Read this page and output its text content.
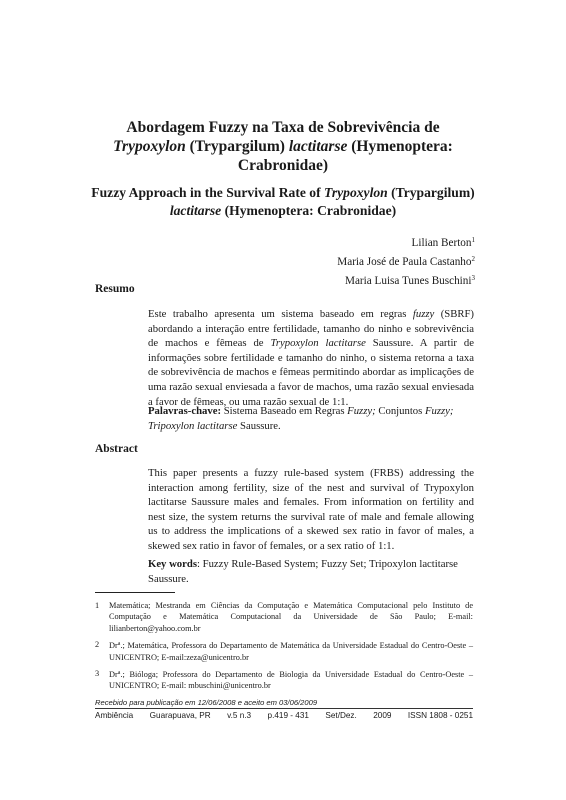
Abordagem Fuzzy na Taxa de Sobrevivência de
Trypoxylon (Trypargilum) lactitarse (Hymenoptera:
Crabronidae)
Fuzzy Approach in the Survival Rate of Trypoxylon (Trypargilum)
lactitarse (Hymenoptera: Crabronidae)
Lilian Berton$^1$
Maria José de Paula Castanho$^2$
Maria Luisa Tunes Buschini$^3$
Resumo
Este trabalho apresenta um sistema baseado em regras fuzzy (SBRF) abordando a interação entre fertilidade, tamanho do ninho e sobrevivência de machos e fêmeas de Trypoxylon lactitarse Saussure. A partir de informações sobre fertilidade e tamanho do ninho, o sistema retorna a taxa de sobrevivência de machos e fêmeas permitindo abordar as implicações de uma razão sexual enviesada a favor de machos, uma razão sexual enviesada a favor de fêmeas, ou uma razão sexual de 1:1.
Palavras-chave: Sistema Baseado em Regras Fuzzy; Conjuntos Fuzzy; Tripoxylon lactitarse Saussure.
Abstract
This paper presents a fuzzy rule-based system (FRBS) addressing the interaction among fertility, size of the nest and survival of Trypoxylon lactitarse Saussure males and females. From information on fertility and nest size, the system returns the survival rate of male and female allowing us to address the implications of a skewed sex ratio in favor of males, a skewed sex ratio in favor of females, or a sex ratio of 1:1.
Key words: Fuzzy Rule-Based System; Fuzzy Set; Tripoxylon lactitarse Saussure.
1 Matemática; Mestranda em Ciências da Computação e Matemática Computacional pelo Instituto de Computação e Matemática Computacional da Universidade de São Paulo; E-mail: lilianberton@yahoo.com.br
2 Dr$^a$.; Matemática, Professora do Departamento de Matemática da Universidade Estadual do Centro-Oeste – UNICENTRO; E-mail:zeza@unicentro.br
3 Dr$^a$.; Bióloga; Professora do Departamento de Biologia da Universidade Estadual do Centro-Oeste – UNICENTRO; E-mail: mbuschini@unicentro.br
Recebido para publicação em 12/06/2008 e aceito em 03/06/2009
Ambiência Guarapuava, PR v.5 n.3 p.419 - 431 Set/Dez. 2009 ISSN 1808 - 0251
